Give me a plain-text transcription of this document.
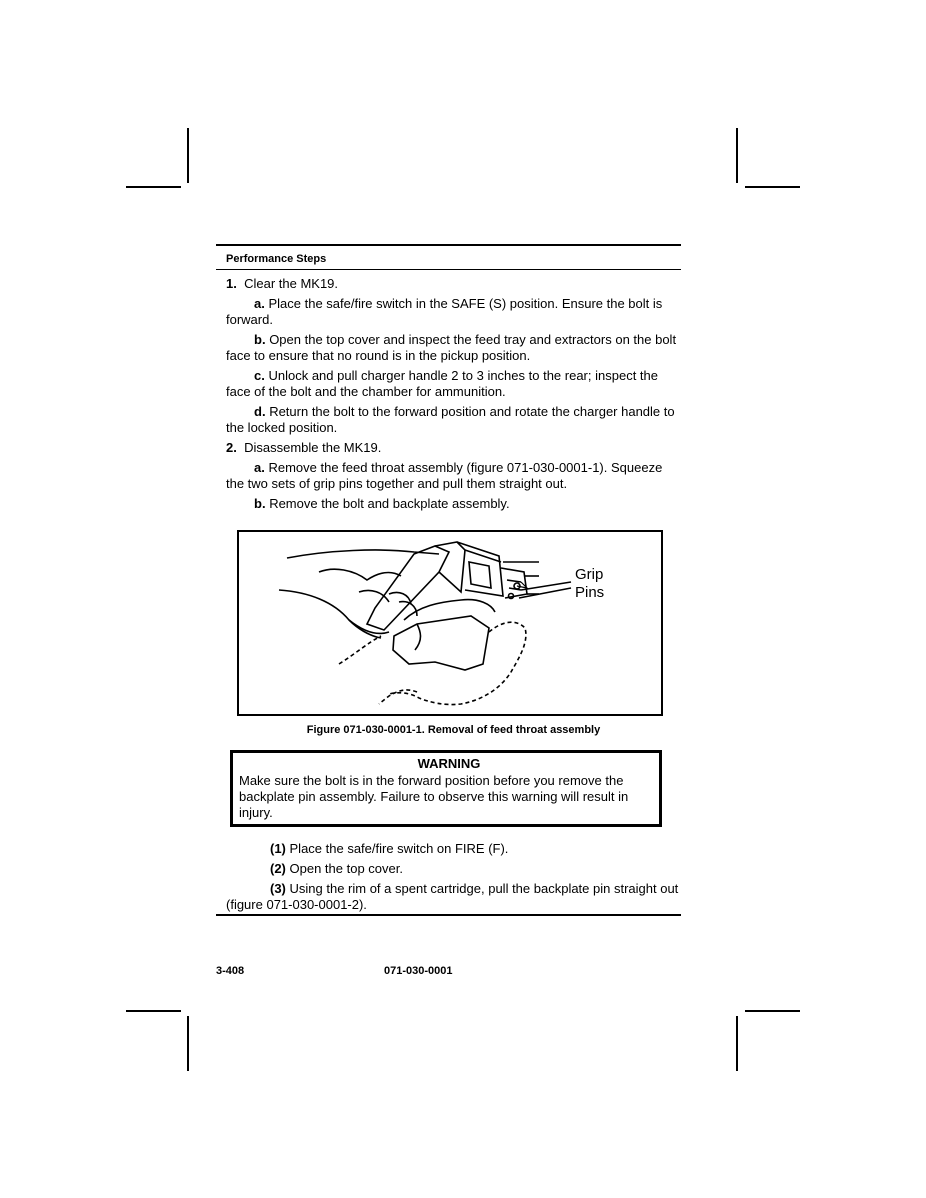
Performance Steps

1. Clear the MK19.

a. Place the safe/fire switch in the SAFE (S) position. Ensure the bolt is forward.

b. Open the top cover and inspect the feed tray and extractors on the bolt face to ensure that no round is in the pickup position.

c. Unlock and pull charger handle 2 to 3 inches to the rear; inspect the face of the bolt and the chamber for ammunition.

d. Return the bolt to the forward position and rotate the charger handle to the locked position.

2. Disassemble the MK19.

a. Remove the feed throat assembly (figure 071-030-0001-1). Squeeze the two sets of grip pins together and pull them straight out.

b. Remove the bolt and backplate assembly.

Grip
Pins
Figure 071-030-0001-1. Removal of feed throat assembly
WARNING
Make sure the bolt is in the forward position before you remove the backplate pin assembly. Failure to observe this warning will result in injury.

(1) Place the safe/fire switch on FIRE (F).

(2) Open the top cover.

(3) Using the rim of a spent cartridge, pull the backplate pin straight out (figure 071-030-0001-2).

3-408	071-030-0001
